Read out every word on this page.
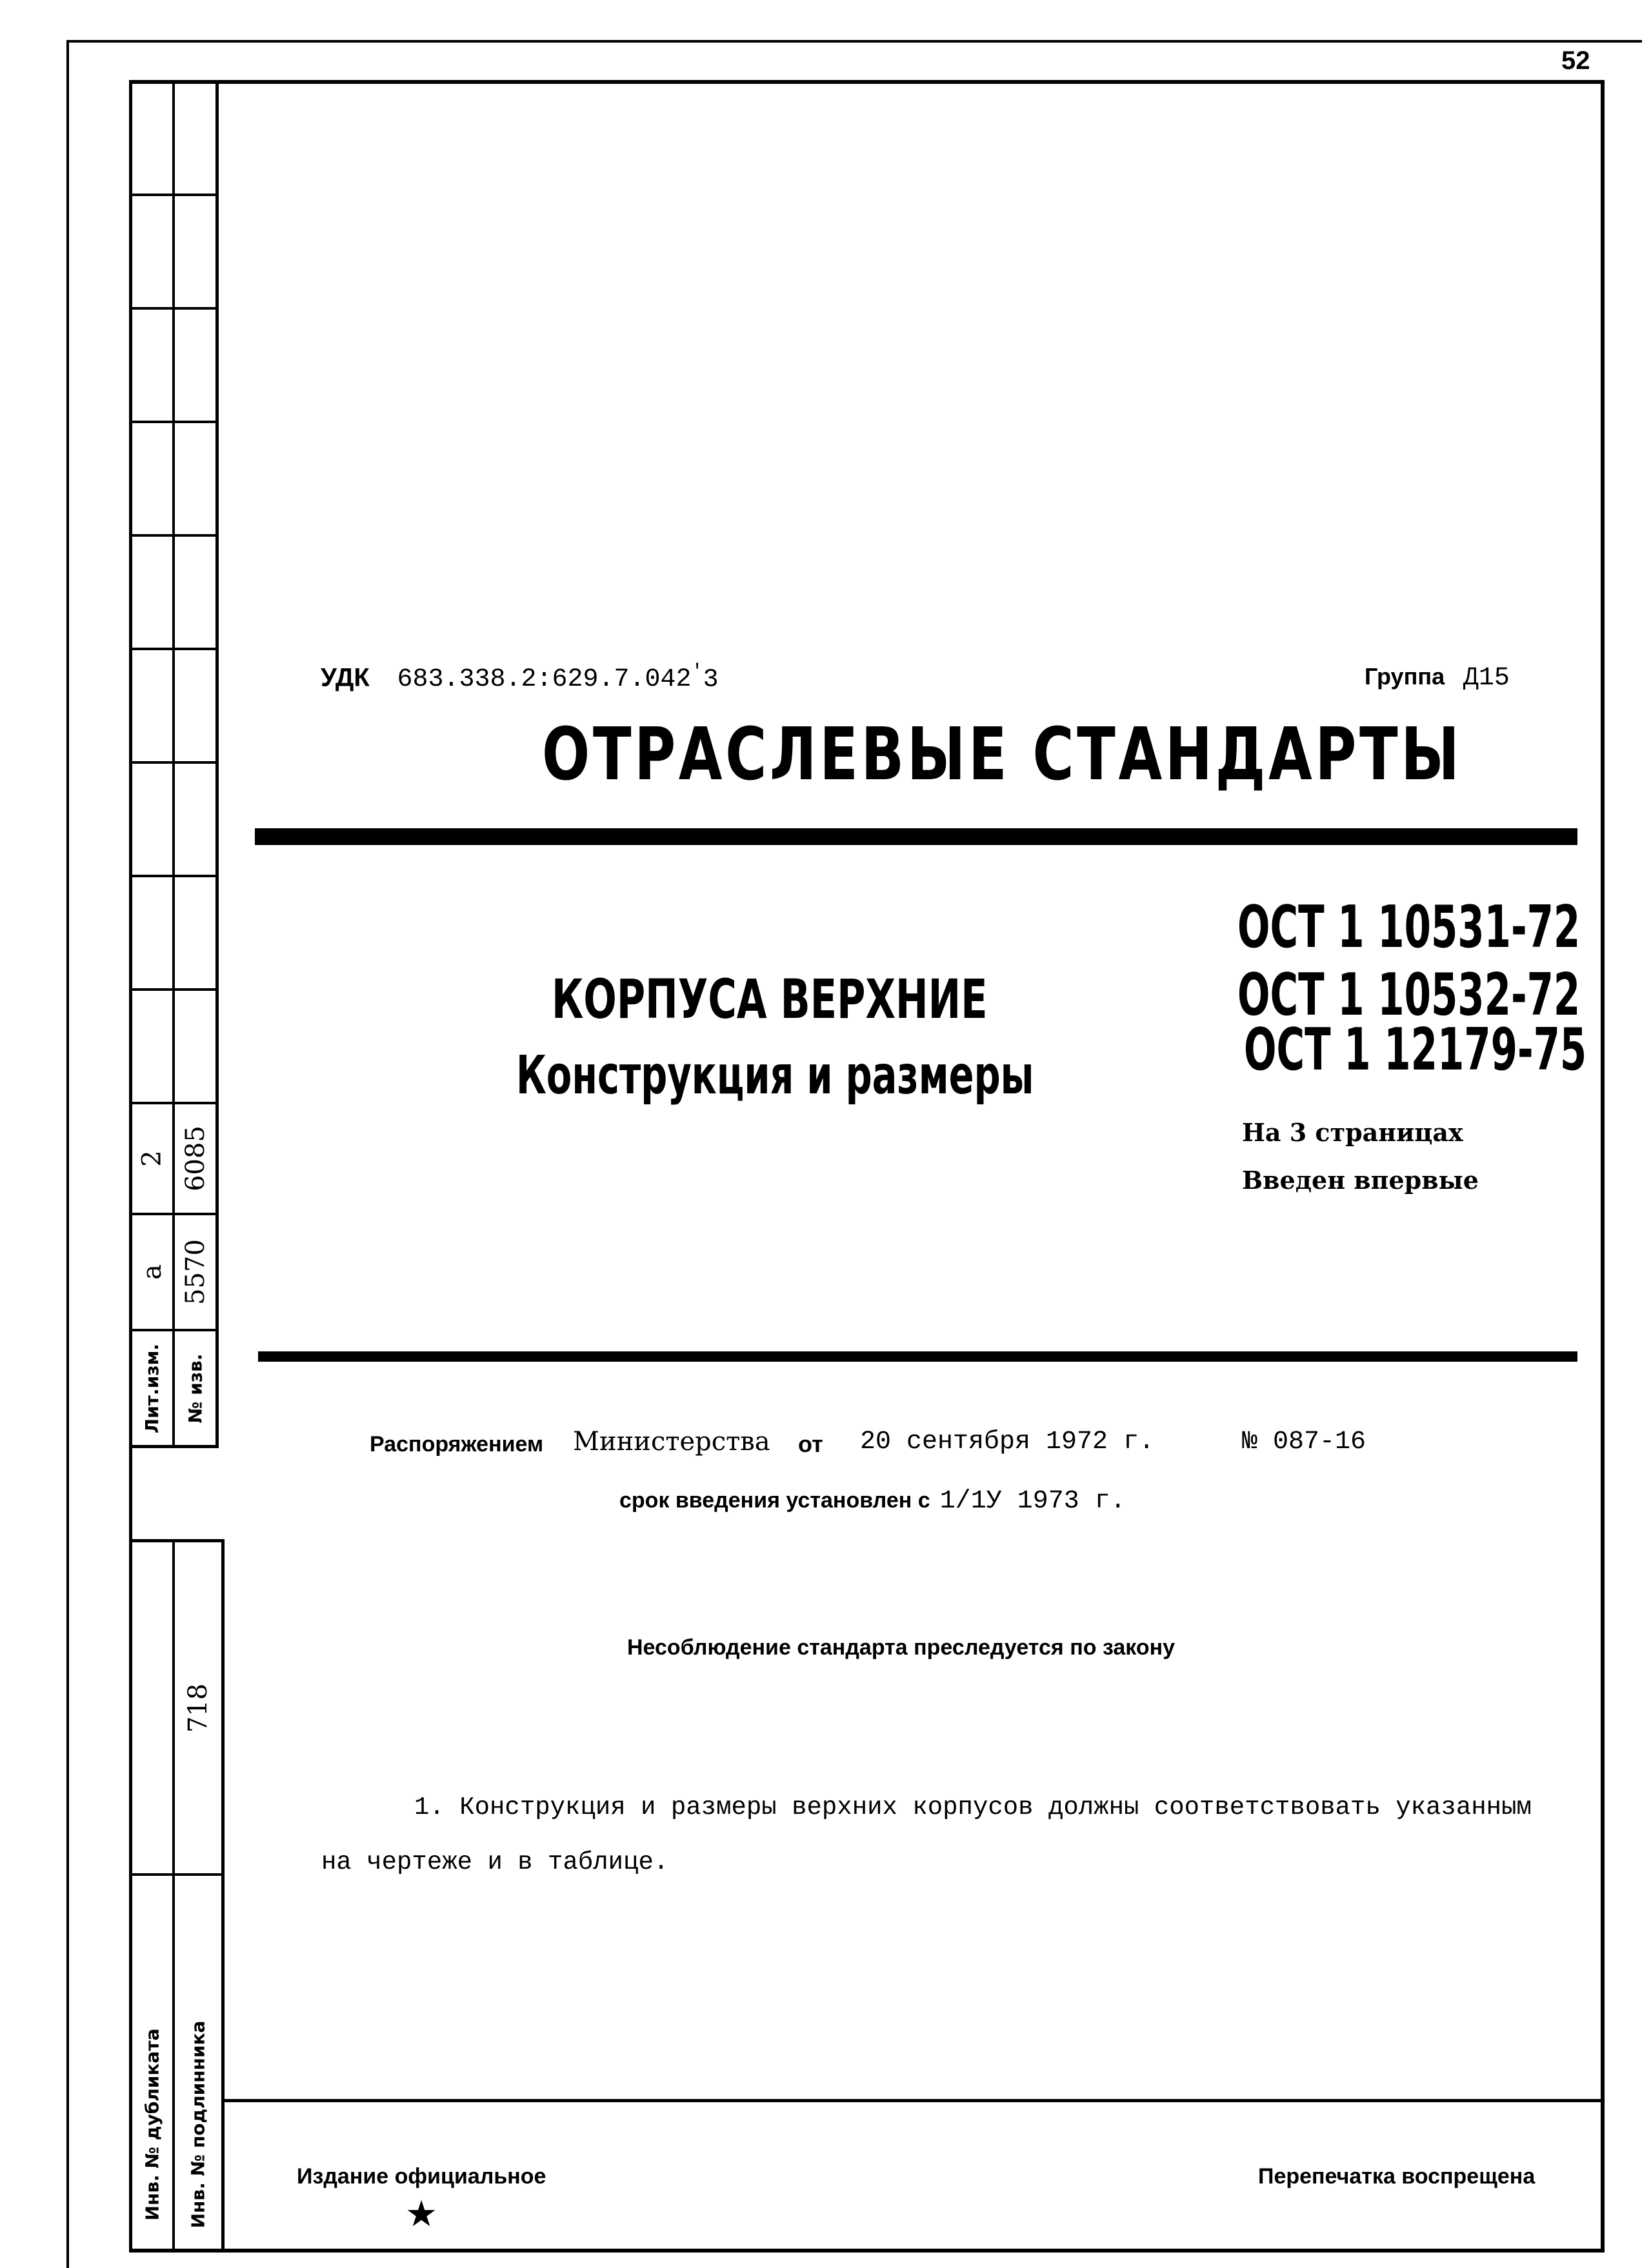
52
2 6085
а 5570
Лит.изм. № изв.
718
Инв. № дубликата Инв. № подлинника
УДК 683.338.2:629.7.042'3	Группа Д15
ОТРАСЛЕВЫЕ СТАНДАРТЫ
КОРПУСА ВЕРХНИЕ
Конструкция и размеры
ОСТ 1 10531-72
ОСТ 1 10532-72
ОСТ 1 12179-75
На 3 страницах
Введен впервые
Распоряжением Министерства от 20 сентября 1972 г.	№ 087-16
срок введения установлен с 1/1У 1973 г.
Несоблюдение стандарта преследуется по закону
1. Конструкция и размеры верхних корпусов должны соответствовать указанным
на чертеже и в таблице.
Издание официальное
★
Перепечатка воспрещена
